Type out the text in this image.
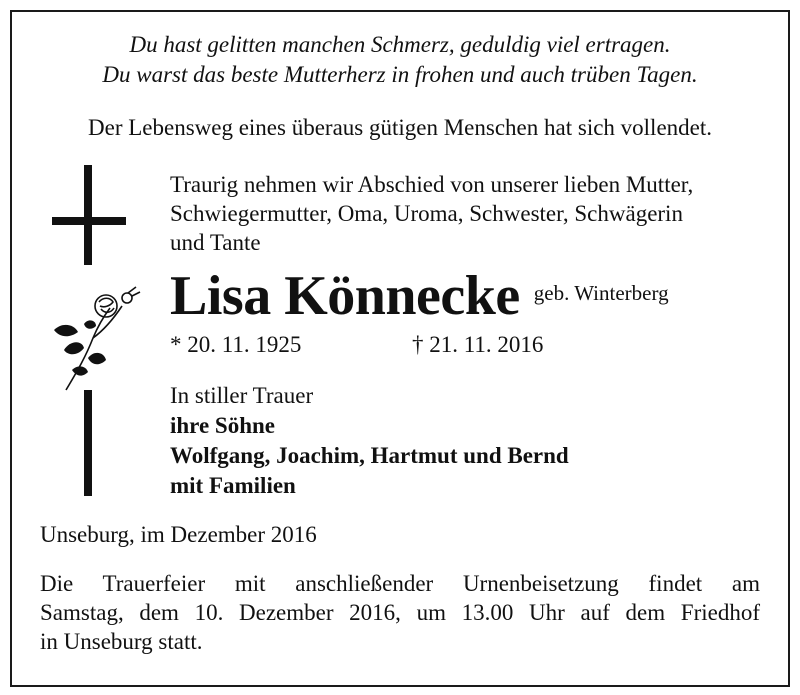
Du hast gelitten manchen Schmerz, geduldig viel ertragen.
Du warst das beste Mutterherz in frohen und auch trüben Tagen.
Der Lebensweg eines überaus gütigen Menschen hat sich vollendet.
Traurig nehmen wir Abschied von unserer lieben Mutter,
Schwiegermutter, Oma, Uroma, Schwester, Schwägerin
und Tante
Lisa Könnecke geb. Winterberg
* 20. 11. 1925	† 21. 11. 2016
In stiller Trauer
ihre Söhne
Wolfgang, Joachim, Hartmut und Bernd
mit Familien
Unseburg, im Dezember 2016
Die Trauerfeier mit anschließender Urnenbeisetzung findet am
Samstag, dem 10. Dezember 2016, um 13.00 Uhr auf dem Friedhof
in Unseburg statt.
